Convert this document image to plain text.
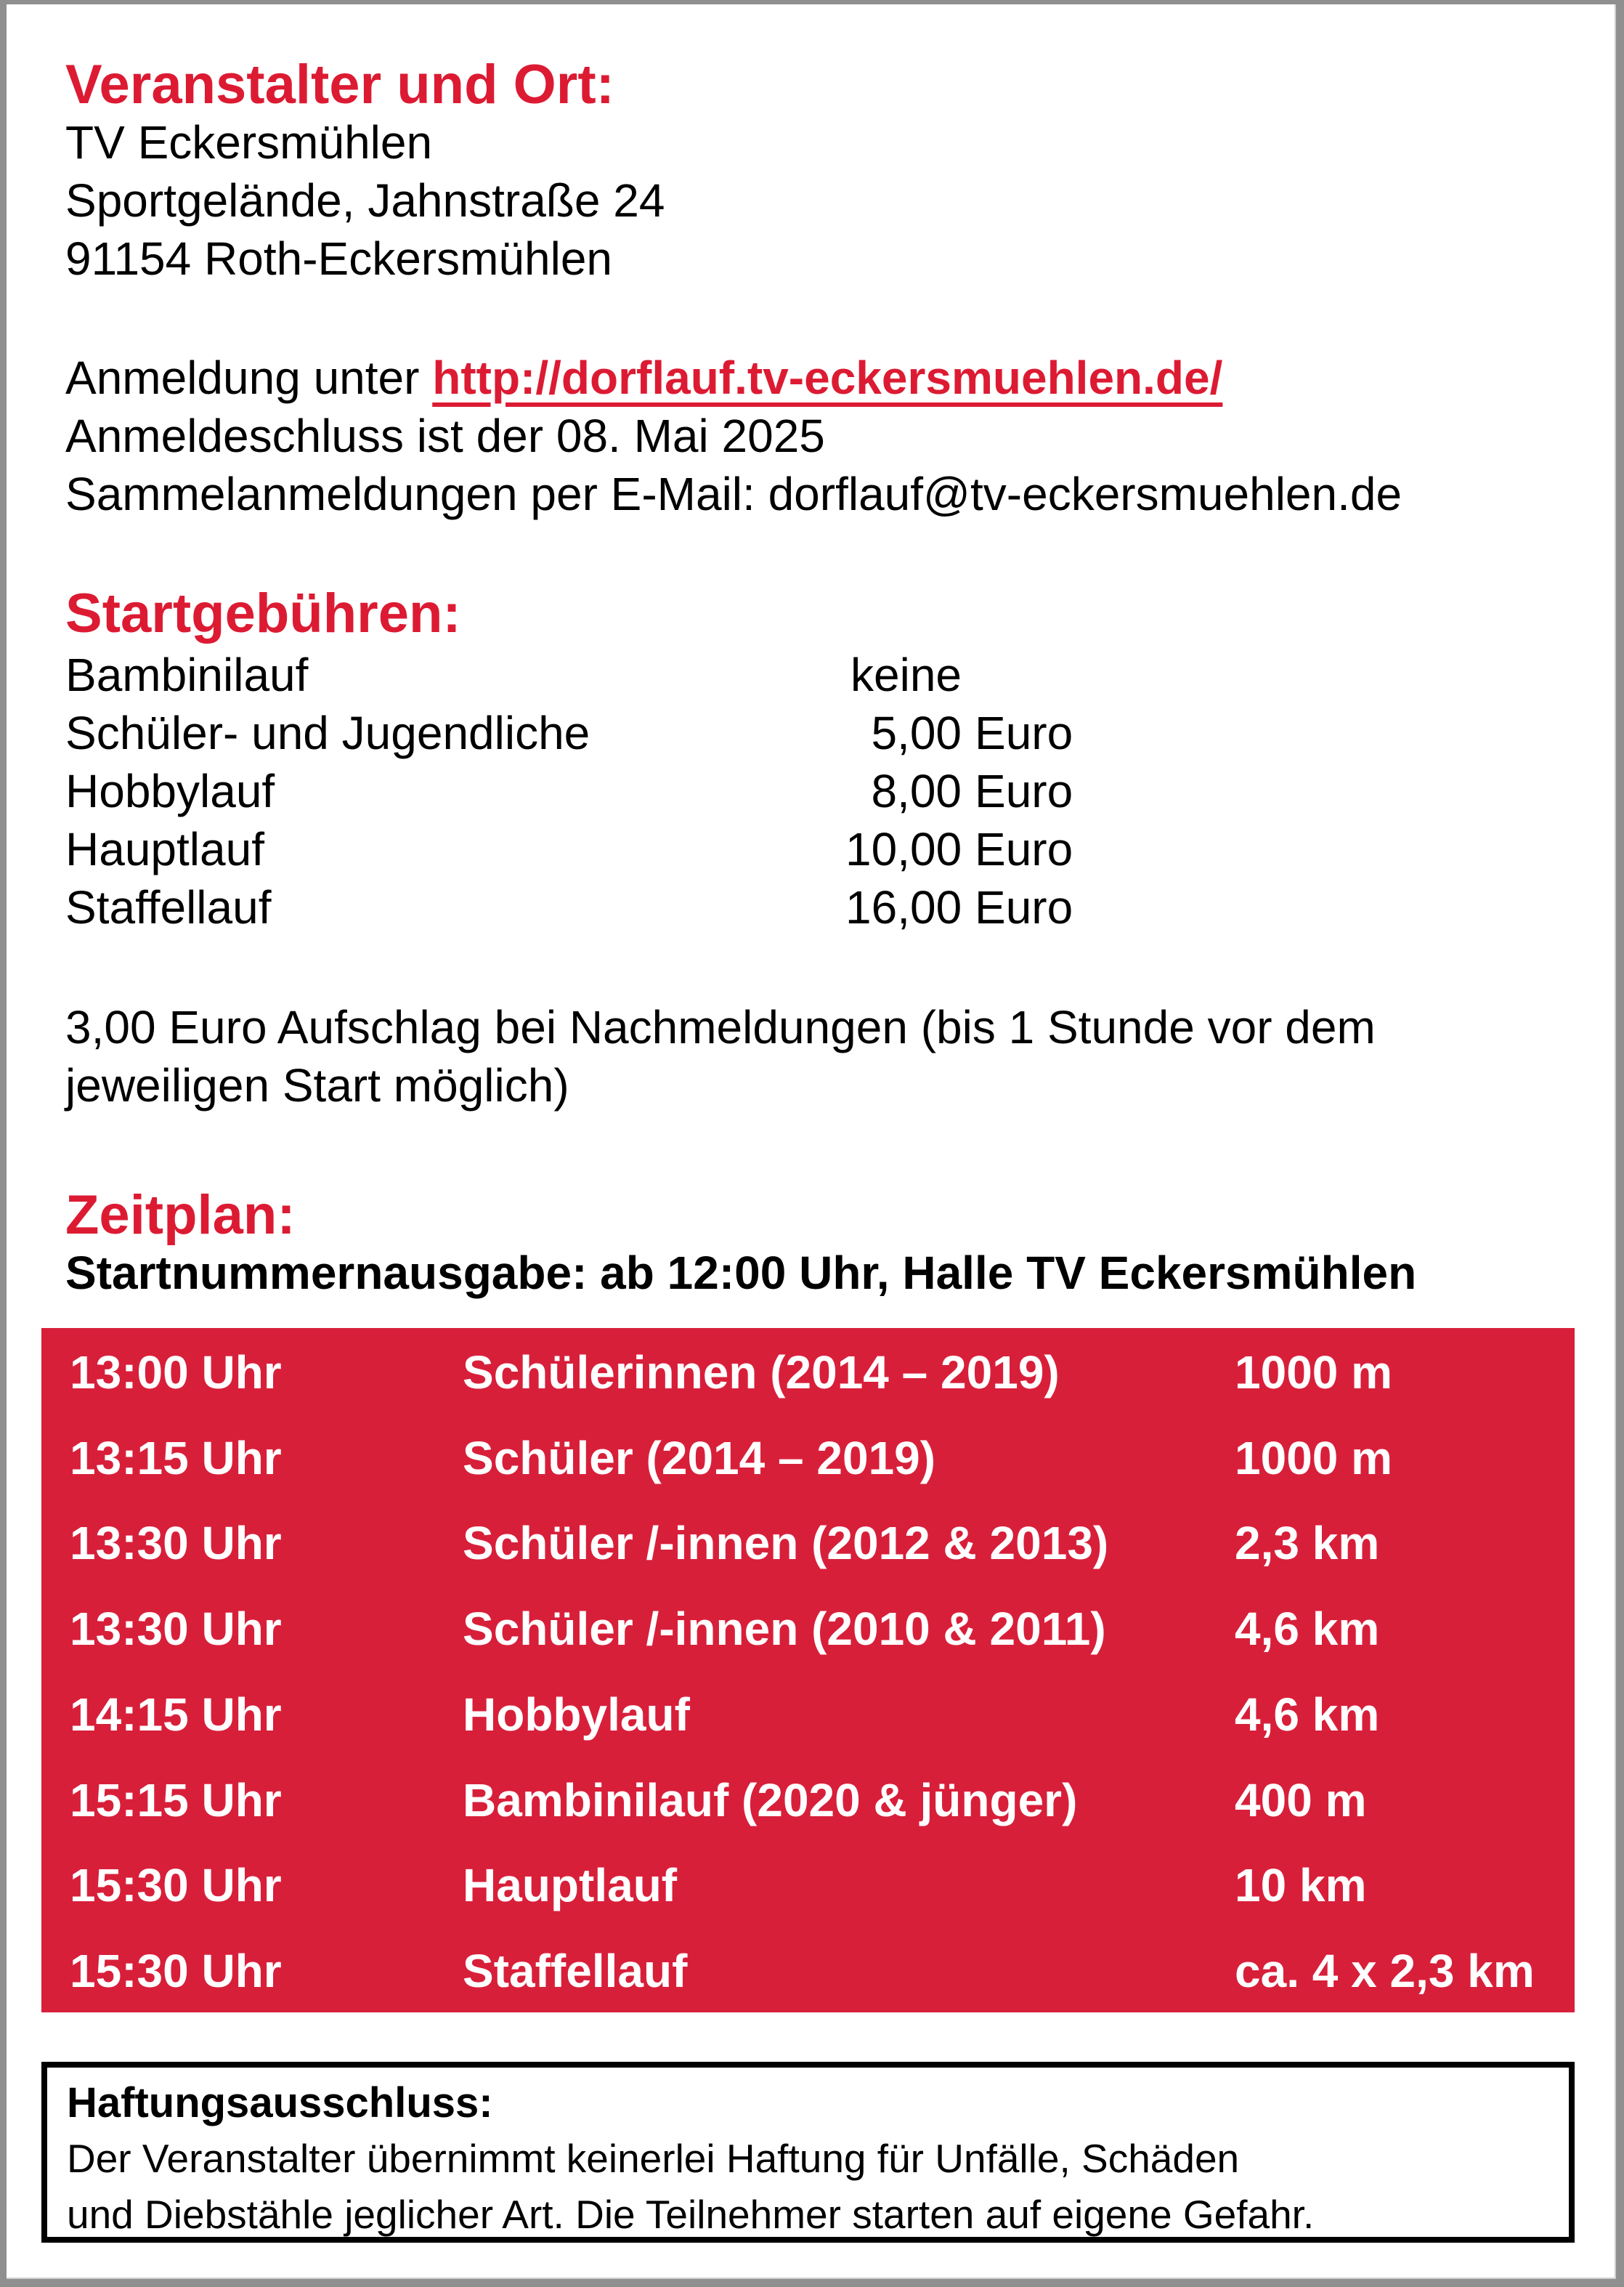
Veranstalter und Ort:
TV Eckersmühlen
Sportgelände, Jahnstraße 24
91154 Roth-Eckersmühlen
Anmeldung unter http://dorflauf.tv-eckersmuehlen.de/
Anmeldeschluss ist der 08. Mai 2025
Sammelanmeldungen per E-Mail: dorflauf@tv-eckersmuehlen.de
Startgebühren:
Bambinilauf	keine
Schüler- und Jugendliche	5,00 Euro
Hobbylauf	8,00 Euro
Hauptlauf	10,00 Euro
Staffellauf	16,00 Euro
3,00 Euro Aufschlag bei Nachmeldungen (bis 1 Stunde vor dem
jeweiligen Start möglich)
Zeitplan:
Startnummernausgabe: ab 12:00 Uhr, Halle TV Eckersmühlen
13:00 Uhr	Schülerinnen (2014 – 2019)	1000 m
13:15 Uhr	Schüler (2014 – 2019)	1000 m
13:30 Uhr	Schüler /-innen (2012 & 2013)	2,3 km
13:30 Uhr	Schüler /-innen (2010 & 2011)	4,6 km
14:15 Uhr	Hobbylauf	4,6 km
15:15 Uhr	Bambinilauf (2020 & jünger)	400 m
15:30 Uhr	Hauptlauf	10 km
15:30 Uhr	Staffellauf	ca. 4 x 2,3 km
Haftungsausschluss:
Der Veranstalter übernimmt keinerlei Haftung für Unfälle, Schäden
und Diebstähle jeglicher Art. Die Teilnehmer starten auf eigene Gefahr.
